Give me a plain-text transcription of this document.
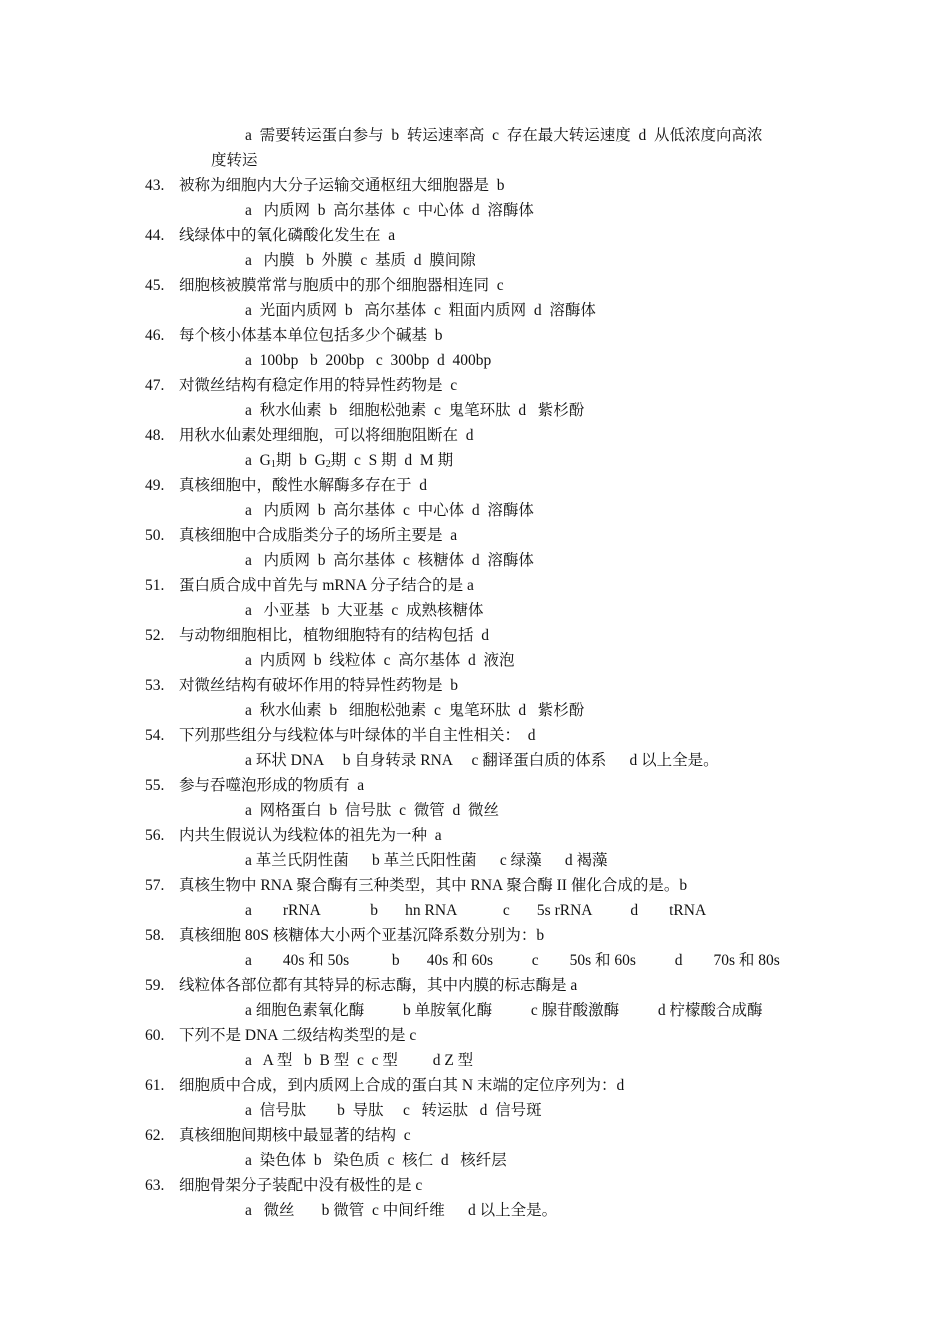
a  需要转运蛋白参与  b  转运速率高  c  存在最大转运速度  d  从低浓度向高浓
度转运
43. 被称为细胞内大分子运输交通枢纽大细胞器是  b
a   内质网  b  高尔基体  c  中心体  d  溶酶体
44. 线绿体中的氧化磷酸化发生在  a
a   内膜   b  外膜  c  基质  d  膜间隙
45. 细胞核被膜常常与胞质中的那个细胞器相连同  c
a  光面内质网  b   高尔基体  c  粗面内质网  d  溶酶体
46. 每个核小体基本单位包括多少个碱基  b
a  100bp   b  200bp   c  300bp  d  400bp
47. 对微丝结构有稳定作用的特异性药物是  c
a  秋水仙素  b   细胞松弛素  c  鬼笔环肽  d   紫杉酚
48. 用秋水仙素处理细胞，可以将细胞阻断在  d
a  $G_1$期  b  $G_2$期  c  S 期  d  M 期
49. 真核细胞中，酸性水解酶多存在于  d
a   内质网  b  高尔基体  c  中心体  d  溶酶体
50. 真核细胞中合成脂类分子的场所主要是  a
a   内质网  b  高尔基体  c  核糖体  d  溶酶体
51. 蛋白质合成中首先与 mRNA 分子结合的是 a
a   小亚基   b  大亚基  c  成熟核糖体
52. 与动物细胞相比，植物细胞特有的结构包括  d
a  内质网  b  线粒体  c  高尔基体  d  液泡
53. 对微丝结构有破坏作用的特异性药物是  b
a  秋水仙素  b   细胞松弛素  c  鬼笔环肽  d   紫杉酚
54. 下列那些组分与线粒体与叶绿体的半自主性相关：  d
a 环状 DNA     b 自身转录 RNA     c 翻译蛋白质的体系      d 以上全是。
55. 参与吞噬泡形成的物质有  a
a  网格蛋白  b  信号肽  c  微管  d  微丝
56. 内共生假说认为线粒体的祖先为一种  a
a 革兰氏阴性菌      b 革兰氏阳性菌      c 绿藻      d 褐藻
57. 真核生物中 RNA 聚合酶有三种类型，其中 RNA 聚合酶 II 催化合成的是。b
a        rRNA             b       hn RNA            c       5s rRNA          d        tRNA
58. 真核细胞 80S 核糖体大小两个亚基沉降系数分别为：b
a        40s 和 50s           b       40s 和 60s          c        50s 和 60s          d        70s 和 80s
59. 线粒体各部位都有其特异的标志酶，其中内膜的标志酶是 a
a 细胞色素氧化酶          b 单胺氧化酶          c 腺苷酸激酶          d 柠檬酸合成酶
60. 下列不是 DNA 二级结构类型的是 c
a   A 型   b  B 型  c  c 型         d Z 型
61. 细胞质中合成，到内质网上合成的蛋白其 N 末端的定位序列为：d
a  信号肽        b  导肽     c   转运肽   d  信号斑
62. 真核细胞间期核中最显著的结构  c
a  染色体  b   染色质  c  核仁  d   核纤层
63. 细胞骨架分子装配中没有极性的是 c
a   微丝       b 微管  c 中间纤维      d 以上全是。
